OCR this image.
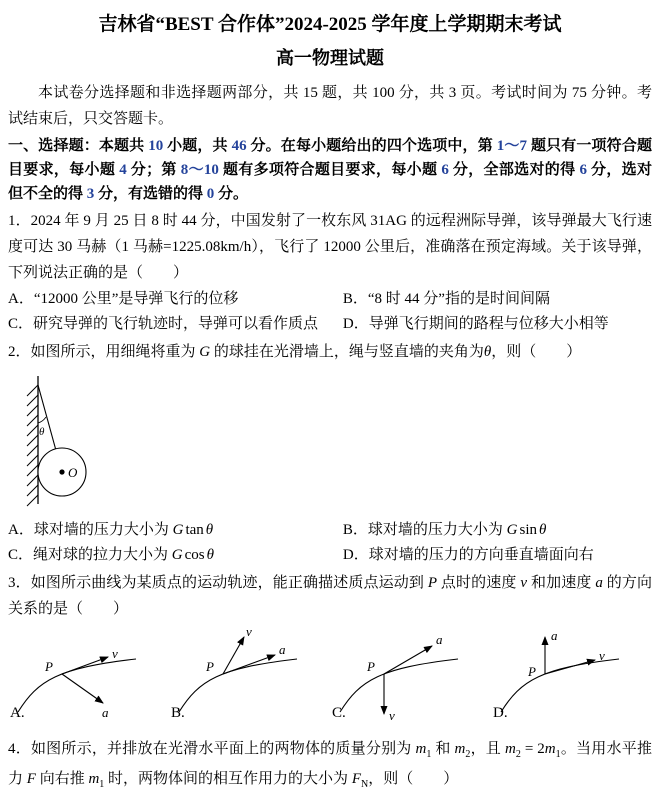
吉林省“BEST 合作体”2024-2025 学年度上学期期末考试
高一物理试题

本试卷分选择题和非选择题两部分，共 15 题，共 100 分，共 3 页。考试时间为 75 分钟。考试结束后，只交答题卡。

一、选择题：本题共 10 小题，共 46 分。在每小题给出的四个选项中，第 1～7 题只有一项符合题目要求，每小题 4 分；第 8～10 题有多项符合题目要求，每小题 6 分，全部选对的得 6 分，选对但不全的得 3 分，有选错的得 0 分。

1．2024 年 9 月 25 日 8 时 44 分，中国发射了一枚东风 31AG 的远程洲际导弹，该导弹最大飞行速度可达 30 马赫（1 马赫=1225.08km/h），飞行了 12000 公里后，准确落在预定海域。关于该导弹，下列说法正确的是（　　）

A．“12000 公里”是导弹飞行的位移	B．“8 时 44 分”指的是时间间隔
C．研究导弹的飞行轨迹时，导弹可以看作质点	D．导弹飞行期间的路程与位移大小相等

2．如图所示，用细绳将重为 G 的球挂在光滑墙上，绳与竖直墙的夹角为θ，则（　　）

θ
O
A．球对墙的压力大小为 G tan θ	B．球对墙的压力大小为 G sin θ
C．绳对球的拉力大小为 G cos θ	D．球对墙的压力的方向垂直墙面向右

3．如图所示曲线为某质点的运动轨迹，能正确描述质点运动到 P 点时的速度 v 和加速度 a 的方向关系的是（　　）

P
v
a
A.
P
v
a
B.
P
a
v
C.
P
a
v
D.

4．如图所示，并排放在光滑水平面上的两物体的质量分别为 $m_1$ 和 $m_2$，且 $m_2 = 2m_1$。当用水平推力 F 向右推 $m_1$ 时，两物体间的相互作用力的大小为 $F_N$，则（　　）
